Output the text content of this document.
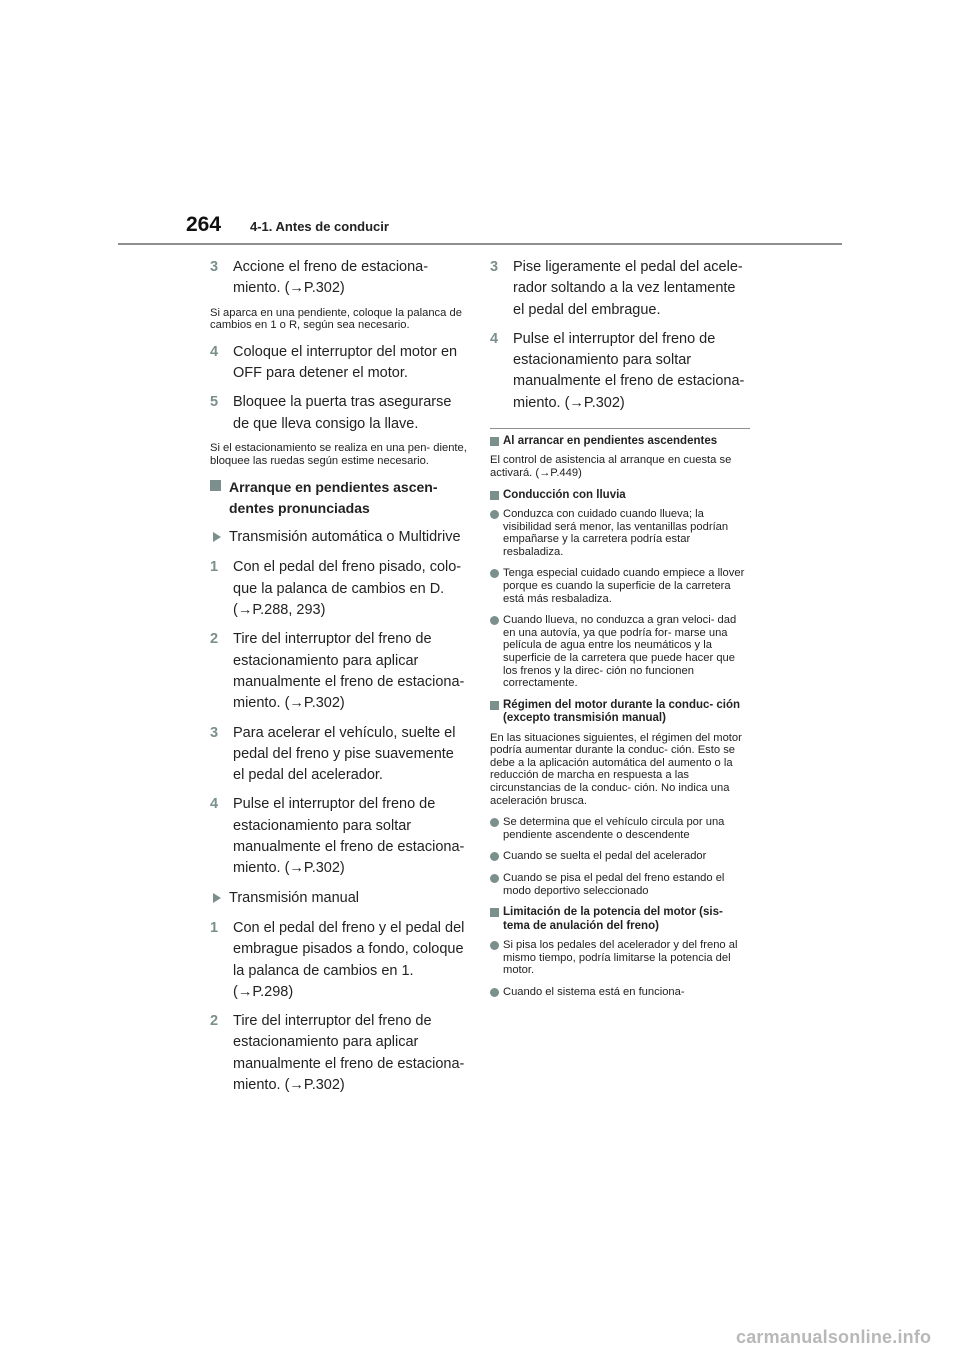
264 4-1. Antes de conducir
3 Accione el freno de estaciona- miento. (→P.302)
Si aparca en una pendiente, coloque la palanca de cambios en 1 o R, según sea necesario.
4 Coloque el interruptor del motor en OFF para detener el motor.
5 Bloquee la puerta tras asegurarse de que lleva consigo la llave.
Si el estacionamiento se realiza en una pen- diente, bloquee las ruedas según estime necesario.
Arranque en pendientes ascen- dentes pronunciadas
Transmisión automática o Multidrive
1 Con el pedal del freno pisado, colo- que la palanca de cambios en D. (→P.288, 293)
2 Tire del interruptor del freno de estacionamiento para aplicar manualmente el freno de estaciona- miento. (→P.302)
3 Para acelerar el vehículo, suelte el pedal del freno y pise suavemente el pedal del acelerador.
4 Pulse el interruptor del freno de estacionamiento para soltar manualmente el freno de estaciona- miento. (→P.302)
Transmisión manual
1 Con el pedal del freno y el pedal del embrague pisados a fondo, coloque la palanca de cambios en 1. (→P.298)
2 Tire del interruptor del freno de estacionamiento para aplicar manualmente el freno de estaciona- miento. (→P.302)
3 Pise ligeramente el pedal del acele- rador soltando a la vez lentamente el pedal del embrague.
4 Pulse el interruptor del freno de estacionamiento para soltar manualmente el freno de estaciona- miento. (→P.302)
Al arrancar en pendientes ascendentes
El control de asistencia al arranque en cuesta se activará. (→P.449)
Conducción con lluvia
Conduzca con cuidado cuando llueva; la visibilidad será menor, las ventanillas podrían empañarse y la carretera podría estar resbaladiza.
Tenga especial cuidado cuando empiece a llover porque es cuando la superficie de la carretera está más resbaladiza.
Cuando llueva, no conduzca a gran veloci- dad en una autovía, ya que podría for- marse una película de agua entre los neumáticos y la superficie de la carretera que puede hacer que los frenos y la direc- ción no funcionen correctamente.
Régimen del motor durante la conduc- ción (excepto transmisión manual)
En las situaciones siguientes, el régimen del motor podría aumentar durante la conduc- ción. Esto se debe a la aplicación automática del aumento o la reducción de marcha en respuesta a las circunstancias de la conduc- ción. No indica una aceleración brusca.
Se determina que el vehículo circula por una pendiente ascendente o descendente
Cuando se suelta el pedal del acelerador
Cuando se pisa el pedal del freno estando el modo deportivo seleccionado
Limitación de la potencia del motor (sis- tema de anulación del freno)
Si pisa los pedales del acelerador y del freno al mismo tiempo, podría limitarse la potencia del motor.
Cuando el sistema está en funciona-
carmanualsonline.info
